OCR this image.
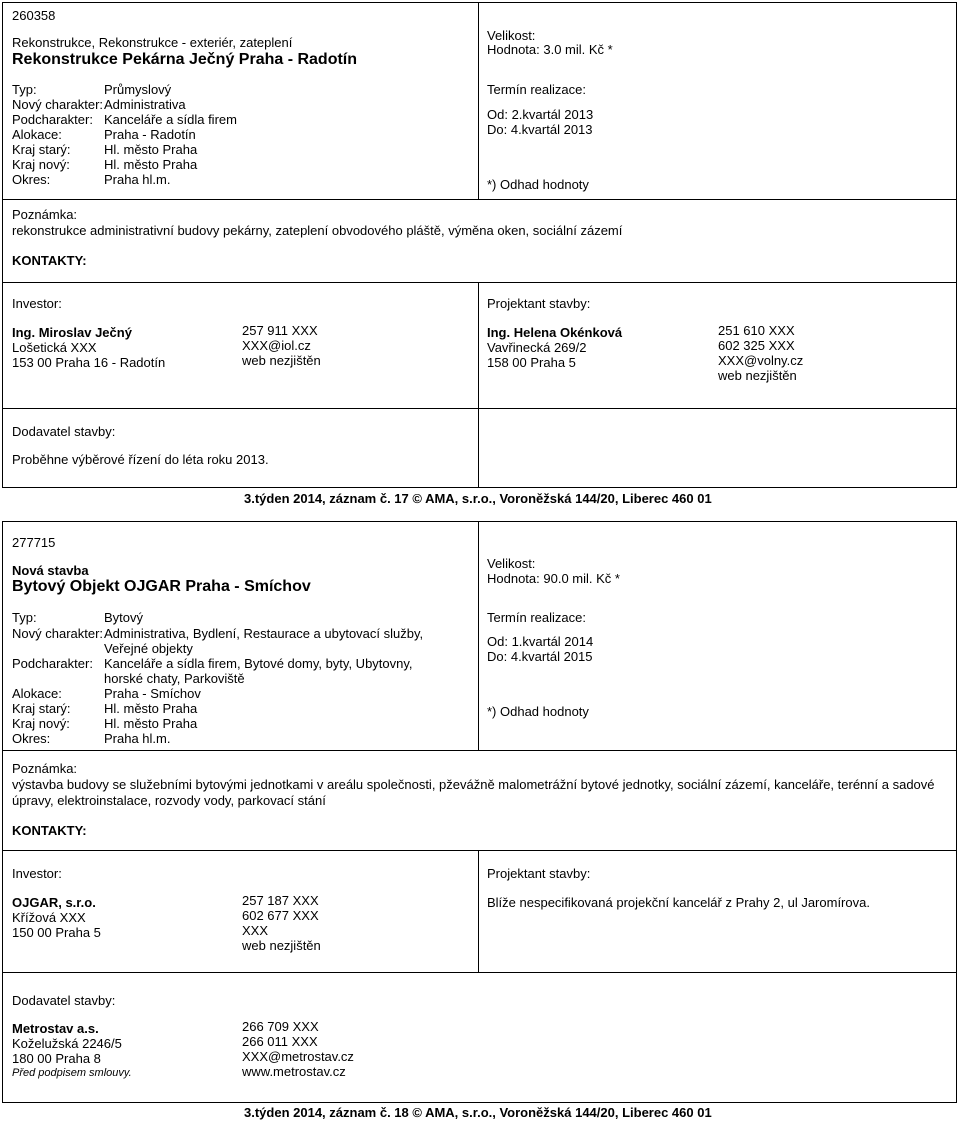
260358
Rekonstrukce, Rekonstrukce - exteriér, zateplení
Rekonstrukce Pekárna Ječný Praha - Radotín
Typ:	Průmyslový
Nový charakter: Administrativa
Podcharakter: Kanceláře a sídla firem
Alokace:	Praha - Radotín
Kraj starý:	Hl. město Praha
Kraj nový:	Hl. město Praha
Okres:	Praha hl.m.
Velikost:
Hodnota: 3.0 mil. Kč *
Termín realizace:
Od: 2.kvartál 2013
Do: 4.kvartál 2013
*) Odhad hodnoty
Poznámka:
rekonstrukce administrativní budovy pekárny, zateplení obvodového pláště, výměna oken, sociální zázemí
KONTAKTY:
Investor:
Ing. Miroslav Ječný
Lošetická XXX
153 00 Praha 16 - Radotín
257 911 XXX
XXX@iol.cz
web nezjištěn
Projektant stavby:
Ing. Helena Okénková
Vavřinecká 269/2
158 00 Praha 5
251 610 XXX
602 325 XXX
XXX@volny.cz
web nezjištěn
Dodavatel stavby:
Proběhne výběrové řízení do léta roku 2013.
3.týden 2014, záznam č. 17 © AMA, s.r.o., Voroněžská 144/20, Liberec 460 01
277715
Nová stavba
Bytový Objekt OJGAR Praha - Smíchov
Typ:	Bytový
Nový charakter: Administrativa, Bydlení, Restaurace a ubytovací služby,
Veřejné objekty
Podcharakter: Kanceláře a sídla firem, Bytové domy, byty, Ubytovny,
horské chaty, Parkoviště
Alokace:	Praha - Smíchov
Kraj starý:	Hl. město Praha
Kraj nový:	Hl. město Praha
Okres:	Praha hl.m.
Velikost:
Hodnota: 90.0 mil. Kč *
Termín realizace:
Od: 1.kvartál 2014
Do: 4.kvartál 2015
*) Odhad hodnoty
Poznámka:
výstavba budovy se služebními bytovými jednotkami v areálu společnosti, pževážně malometrážní bytové jednotky, sociální zázemí, kanceláře, terénní a sadové
úpravy, elektroinstalace, rozvody vody, parkovací stání
KONTAKTY:
Investor:
OJGAR, s.r.o.
Křížová XXX
150 00 Praha 5
257 187 XXX
602 677 XXX
XXX
web nezjištěn
Projektant stavby:
Blíže nespecifikovaná projekční kancelář z Prahy 2, ul Jaromírova.
Dodavatel stavby:
Metrostav a.s.
Koželužská 2246/5
180 00 Praha 8
Před podpisem smlouvy.
266 709 XXX
266 011 XXX
XXX@metrostav.cz
www.metrostav.cz
3.týden 2014, záznam č. 18 © AMA, s.r.o., Voroněžská 144/20, Liberec 460 01
